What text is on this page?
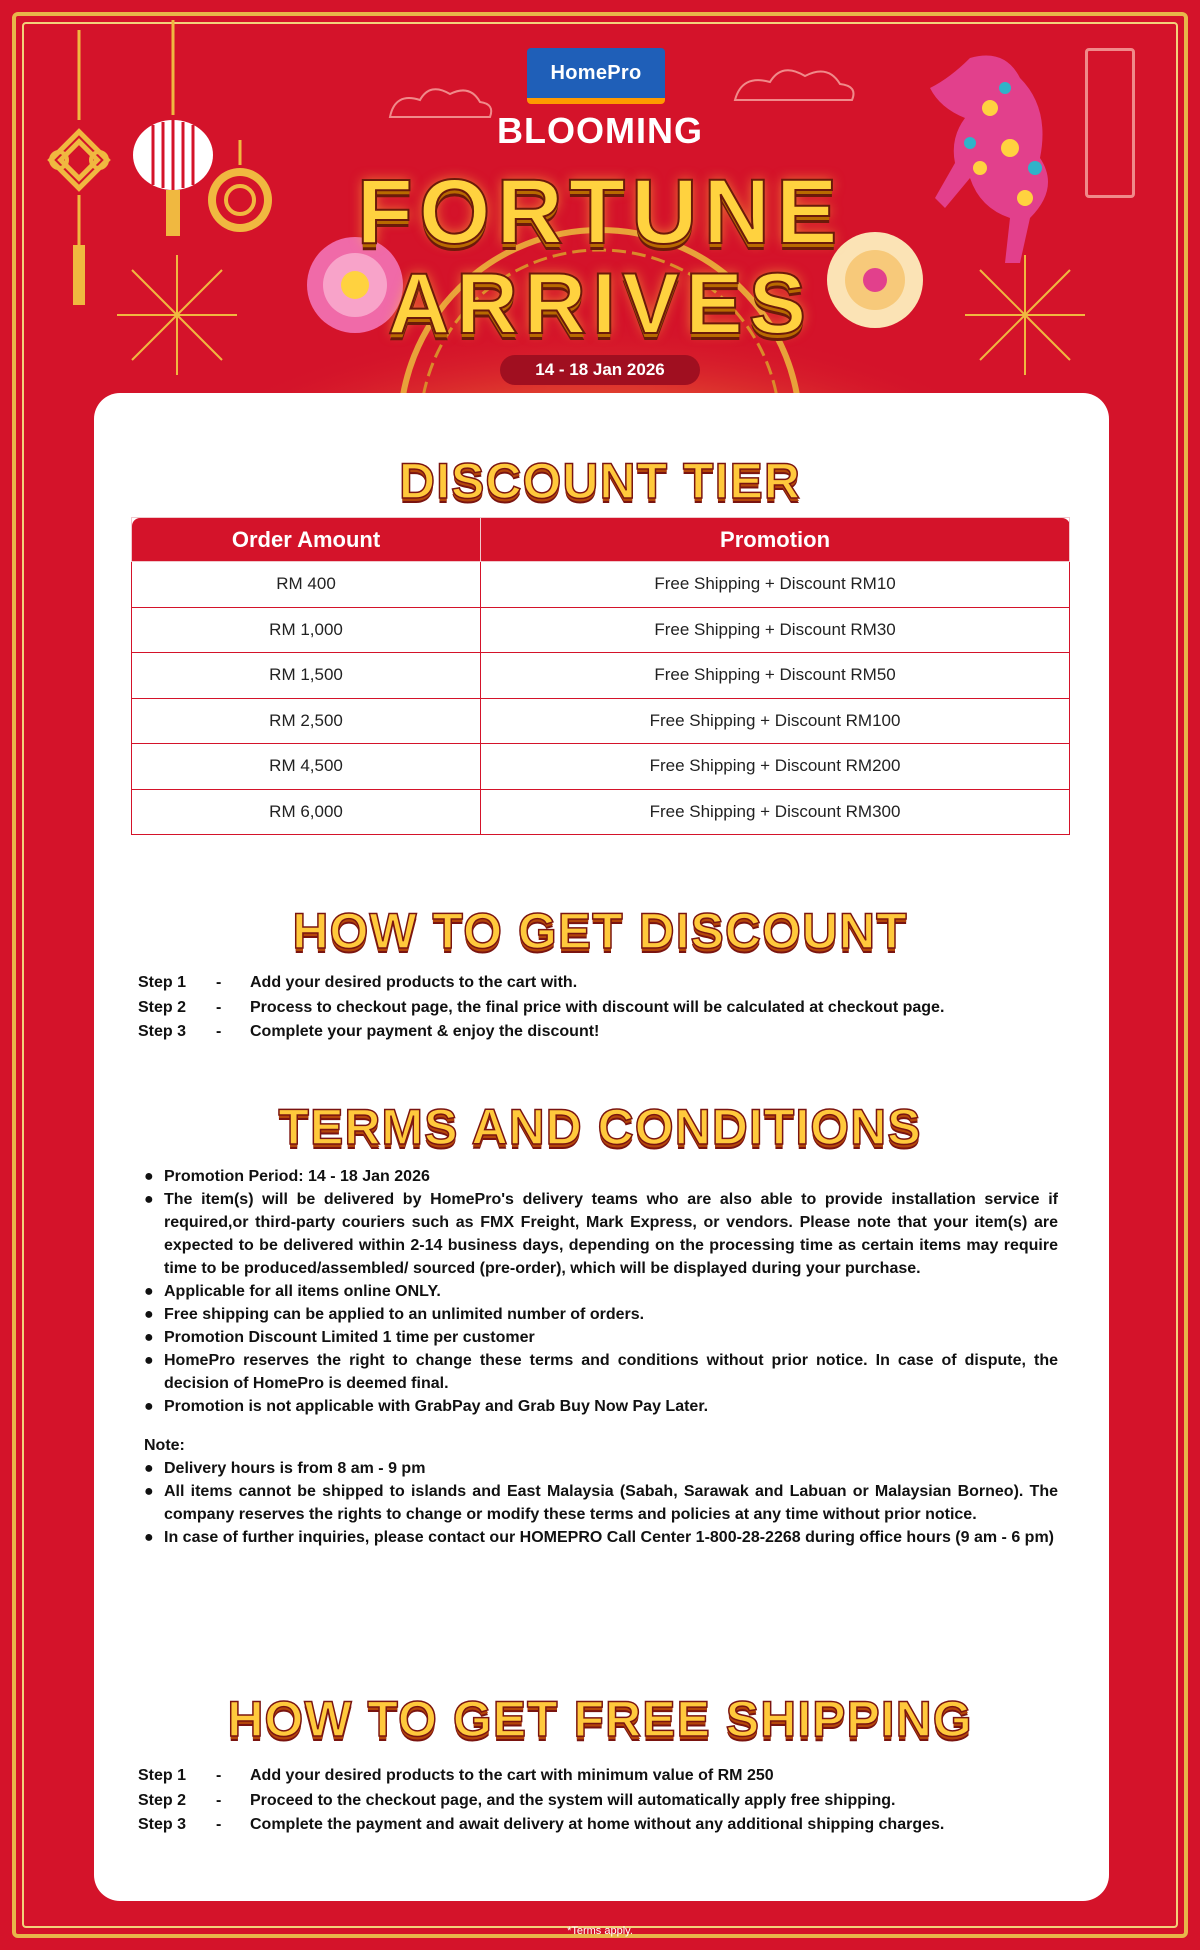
HomePro
BLOOMING
FORTUNE
ARRIVES
14 - 18 Jan 2026
DISCOUNT TIER
Order Amount	Promotion
RM 400	Free Shipping + Discount RM10
RM 1,000	Free Shipping + Discount RM30
RM 1,500	Free Shipping + Discount RM50
RM 2,500	Free Shipping + Discount RM100
RM 4,500	Free Shipping + Discount RM200
RM 6,000	Free Shipping + Discount RM300
HOW TO GET DISCOUNT
Step 1	-	Add your desired products to the cart with.
Step 2	-	Process to checkout page, the final price with discount will be calculated at checkout page.
Step 3	-	Complete your payment & enjoy the discount!
TERMS AND CONDITIONS
● Promotion Period: 14 - 18 Jan 2026
● The item(s) will be delivered by HomePro's delivery teams who are also able to provide installation service if required,or third-party couriers such as FMX Freight, Mark Express, or vendors. Please note that your item(s) are expected to be delivered within 2-14 business days, depending on the processing time as certain items may require time to be produced/assembled/ sourced (pre-order), which will be displayed during your purchase.
● Applicable for all items online ONLY.
● Free shipping can be applied to an unlimited number of orders.
● Promotion Discount Limited 1 time per customer
● HomePro reserves the right to change these terms and conditions without prior notice. In case of dispute, the decision of HomePro is deemed final.
● Promotion is not applicable with GrabPay and Grab Buy Now Pay Later.
Note:
● Delivery hours is from 8 am - 9 pm
● All items cannot be shipped to islands and East Malaysia (Sabah, Sarawak and Labuan or Malaysian Borneo). The company reserves the rights to change or modify these terms and policies at any time without prior notice.
● In case of further inquiries, please contact our HOMEPRO Call Center 1-800-28-2268 during office hours (9 am - 6 pm)
HOW TO GET FREE SHIPPING
Step 1	-	Add your desired products to the cart with minimum value of RM 250
Step 2	-	Proceed to the checkout page, and the system will automatically apply free shipping.
Step 3	-	Complete the payment and await delivery at home without any additional shipping charges.
*Terms apply.
